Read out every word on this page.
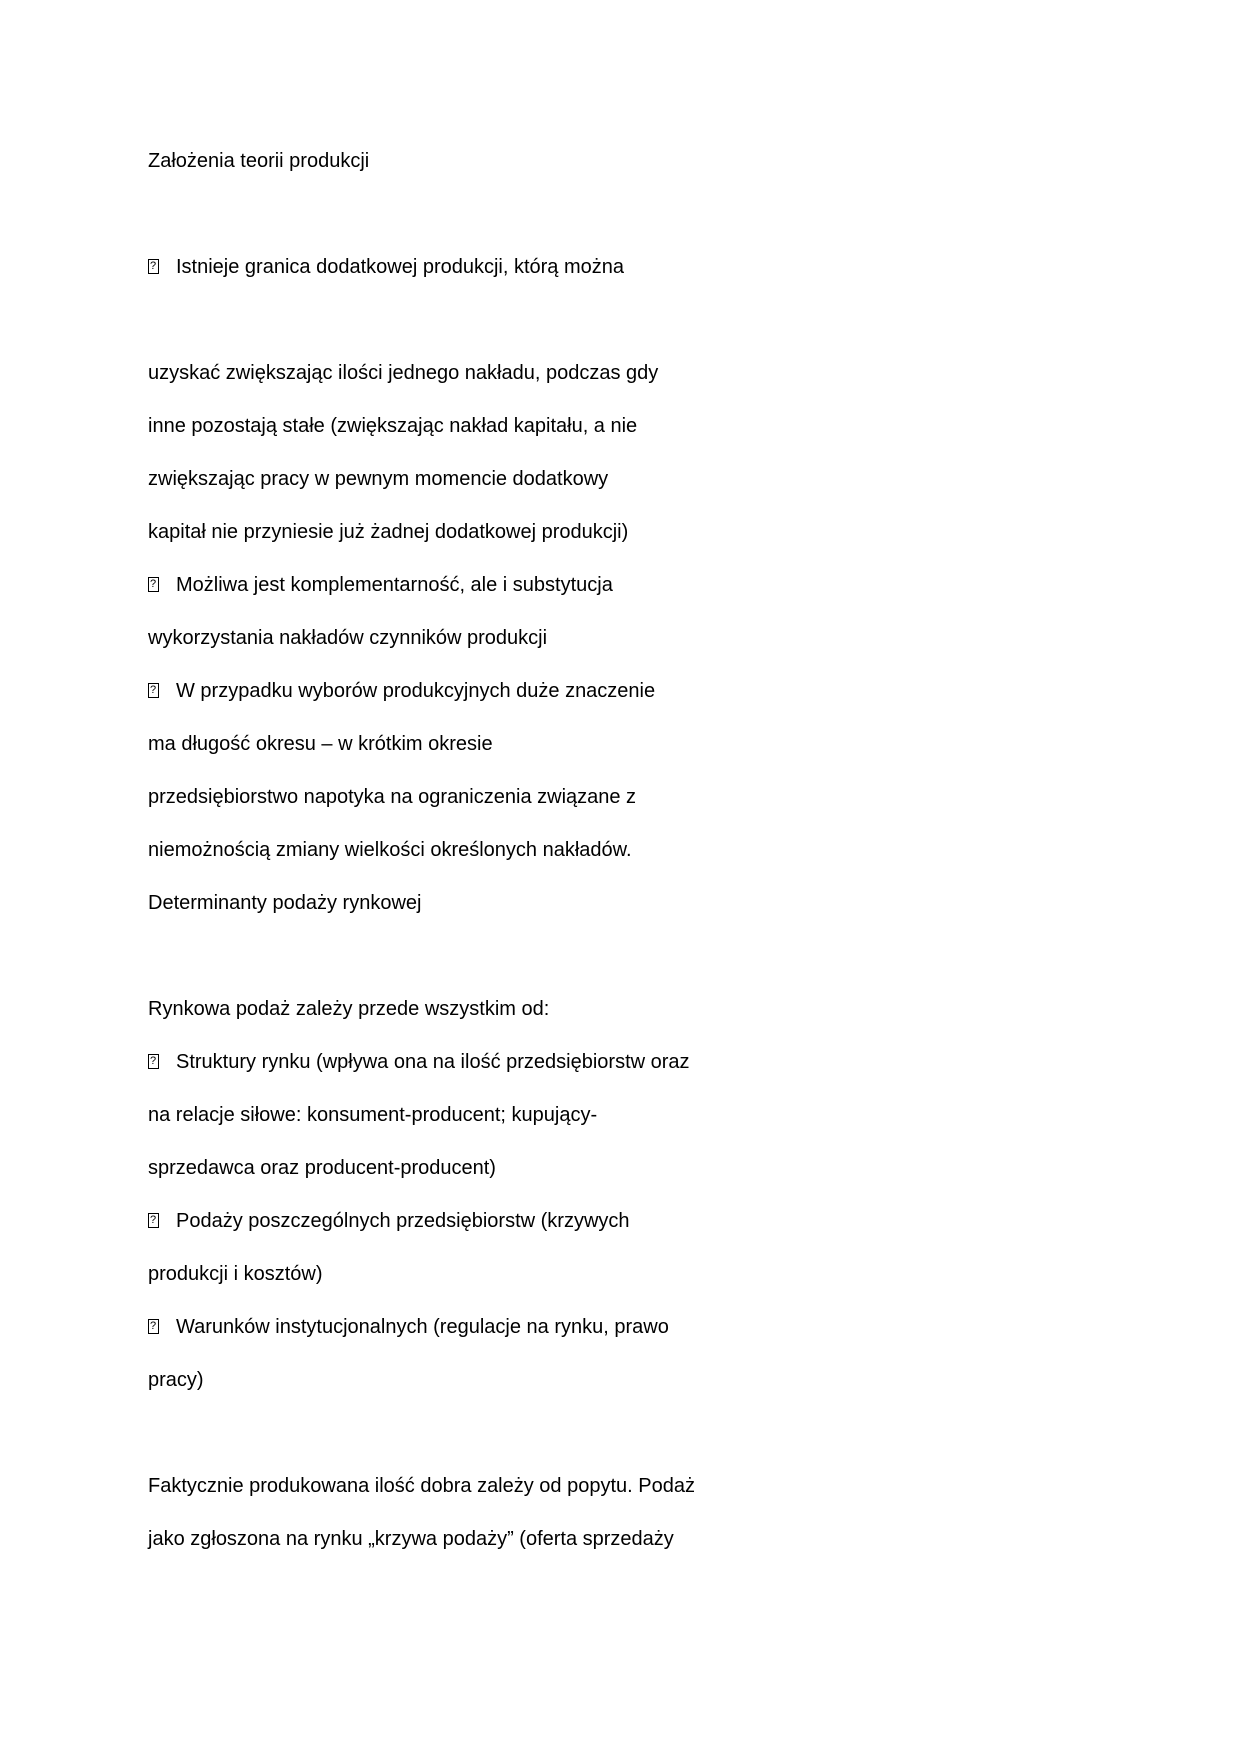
Założenia teorii produkcji
?Istnieje granica dodatkowej produkcji, którą można
uzyskać zwiększając ilości jednego nakładu, podczas gdy
inne pozostają stałe (zwiększając nakład kapitału, a nie
zwiększając pracy w pewnym momencie dodatkowy
kapitał nie przyniesie już żadnej dodatkowej produkcji)
?Możliwa jest komplementarność, ale i substytucja
wykorzystania nakładów czynników produkcji
?W przypadku wyborów produkcyjnych duże znaczenie
ma długość okresu – w krótkim okresie
przedsiębiorstwo napotyka na ograniczenia związane z
niemożnością zmiany wielkości określonych nakładów.
Determinanty podaży rynkowej
Rynkowa podaż zależy przede wszystkim od:
?Struktury rynku (wpływa ona na ilość przedsiębiorstw oraz
na relacje siłowe: konsument-producent; kupujący-
sprzedawca oraz producent-producent)
?Podaży poszczególnych przedsiębiorstw (krzywych
produkcji i kosztów)
?Warunków instytucjonalnych (regulacje na rynku, prawo
pracy)
Faktycznie produkowana ilość dobra zależy od popytu. Podaż
jako zgłoszona na rynku „krzywa podaży” (oferta sprzedaży
